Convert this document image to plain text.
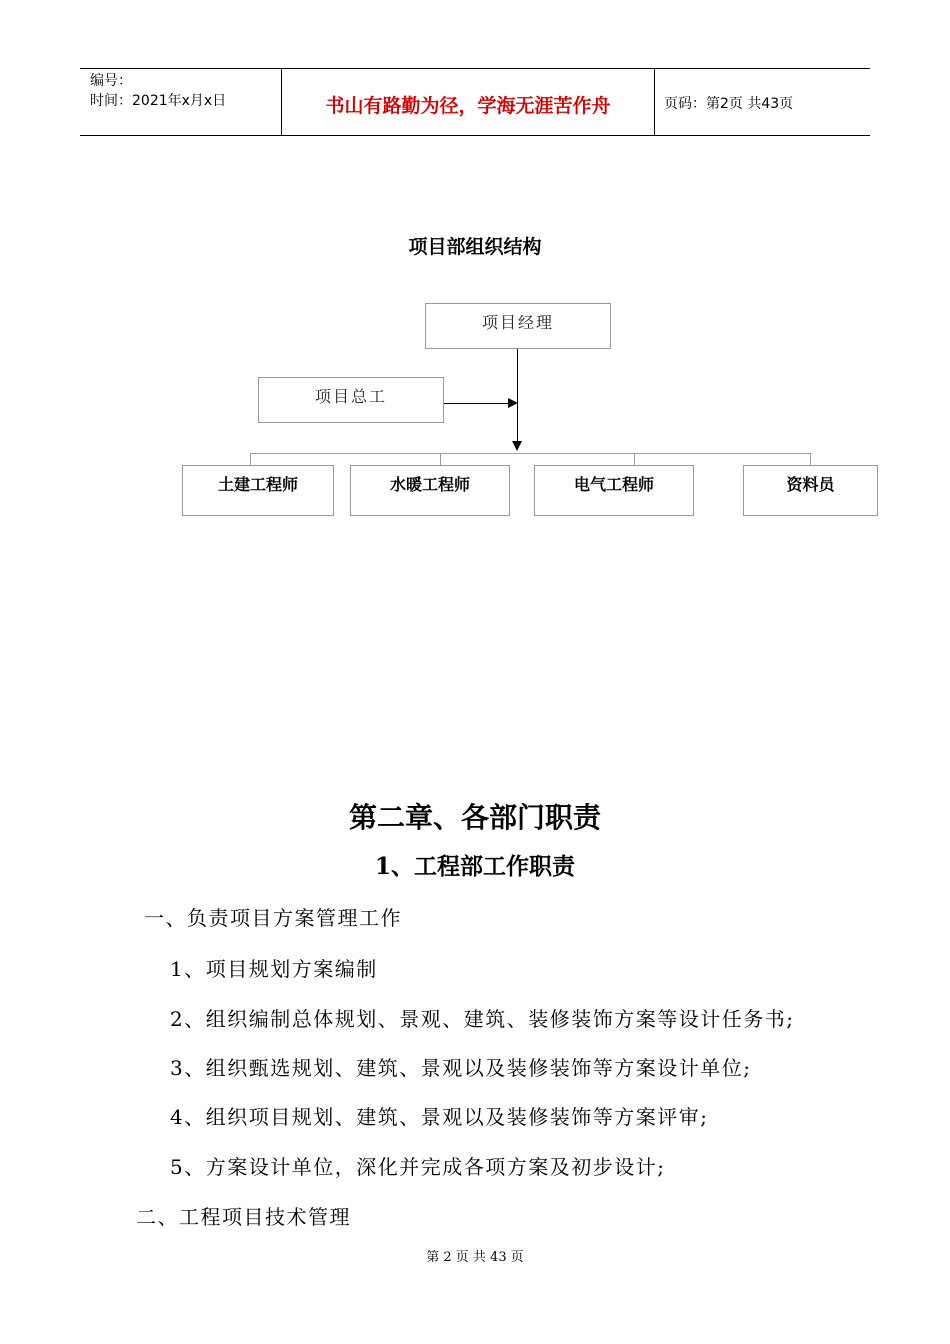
编号：
时间：2021年x月x日	书山有路勤为径，学海无涯苦作舟	页码：第2页 共43页
项目部组织结构
项目经理
项目总工
土建工程师	水暖工程师	电气工程师	资料员
第二章、各部门职责
1、工程部工作职责
一、负责项目方案管理工作
1、项目规划方案编制
2、组织编制总体规划、景观、建筑、装修装饰方案等设计任务书;
3、组织甄选规划、建筑、景观以及装修装饰等方案设计单位;
4、组织项目规划、建筑、景观以及装修装饰等方案评审;
5、方案设计单位，深化并完成各项方案及初步设计;
二、工程项目技术管理
第 2 页 共 43 页
